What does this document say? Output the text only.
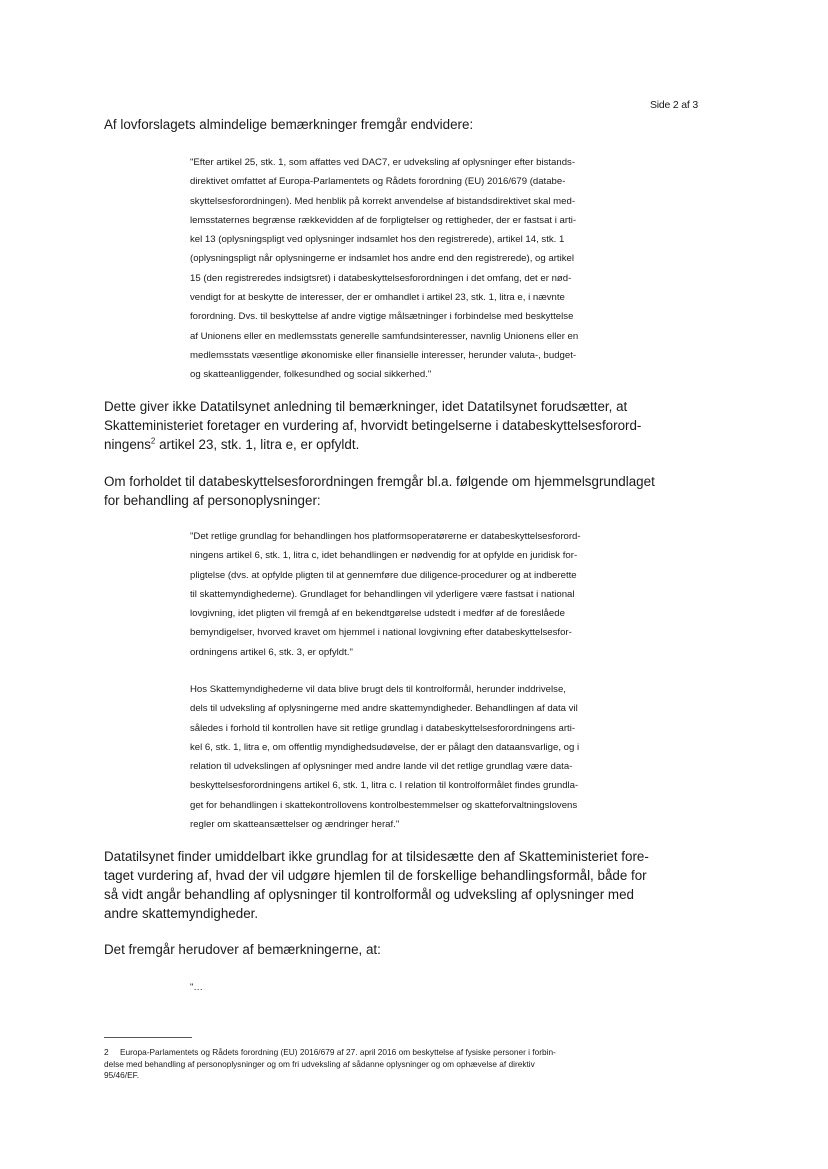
Side 2 af 3

Af lovforslagets almindelige bemærkninger fremgår endvidere:

"Efter artikel 25, stk. 1, som affattes ved DAC7, er udveksling af oplysninger efter bistands-
direktivet omfattet af Europa-Parlamentets og Rådets forordning (EU) 2016/679 (databe-
skyttelsesforordningen). Med henblik på korrekt anvendelse af bistandsdirektivet skal med-
lemsstaternes begrænse rækkevidden af de forpligtelser og rettigheder, der er fastsat i arti-
kel 13 (oplysningspligt ved oplysninger indsamlet hos den registrerede), artikel 14, stk. 1
(oplysningspligt når oplysningerne er indsamlet hos andre end den registrerede), og artikel
15 (den registreredes indsigtsret) i databeskyttelsesforordningen i det omfang, det er nød-
vendigt for at beskytte de interesser, der er omhandlet i artikel 23, stk. 1, litra e, i nævnte
forordning. Dvs. til beskyttelse af andre vigtige målsætninger i forbindelse med beskyttelse
af Unionens eller en medlemsstats generelle samfundsinteresser, navnlig Unionens eller en
medlemsstats væsentlige økonomiske eller finansielle interesser, herunder valuta-, budget-
og skatteanliggender, folkesundhed og social sikkerhed."
Dette giver ikke Datatilsynet anledning til bemærkninger, idet Datatilsynet forudsætter, at
Skatteministeriet foretager en vurdering af, hvorvidt betingelserne i databeskyttelsesforord-
ningens$^2$ artikel 23, stk. 1, litra e, er opfyldt.
Om forholdet til databeskyttelsesforordningen fremgår bl.a. følgende om hjemmelsgrundlaget
for behandling af personoplysninger:
"Det retlige grundlag for behandlingen hos platformsoperatørerne er databeskyttelsesforord-
ningens artikel 6, stk. 1, litra c, idet behandlingen er nødvendig for at opfylde en juridisk for-
pligtelse (dvs. at opfylde pligten til at gennemføre due diligence-procedurer og at indberette
til skattemyndighederne). Grundlaget for behandlingen vil yderligere være fastsat i national
lovgivning, idet pligten vil fremgå af en bekendtgørelse udstedt i medfør af de foreslåede
bemyndigelser, hvorved kravet om hjemmel i national lovgivning efter databeskyttelsesfor-
ordningens artikel 6, stk. 3, er opfyldt."
Hos Skattemyndighederne vil data blive brugt dels til kontrolformål, herunder inddrivelse,
dels til udveksling af oplysningerne med andre skattemyndigheder. Behandlingen af data vil
således i forhold til kontrollen have sit retlige grundlag i databeskyttelsesforordningens arti-
kel 6, stk. 1, litra e, om offentlig myndighedsudøvelse, der er pålagt den dataansvarlige, og i
relation til udvekslingen af oplysninger med andre lande vil det retlige grundlag være data-
beskyttelsesforordningens artikel 6, stk. 1, litra c. I relation til kontrolformålet findes grundla-
get for behandlingen i skattekontrollovens kontrolbestemmelser og skatteforvaltningslovens
regler om skatteansættelser og ændringer heraf."
Datatilsynet finder umiddelbart ikke grundlag for at tilsidesætte den af Skatteministeriet fore-
taget vurdering af, hvad der vil udgøre hjemlen til de forskellige behandlingsformål, både for
så vidt angår behandling af oplysninger til kontrolformål og udveksling af oplysninger med
andre skattemyndigheder.

Det fremgår herudover af bemærkningerne, at:

"…
2 Europa-Parlamentets og Rådets forordning (EU) 2016/679 af 27. april 2016 om beskyttelse af fysiske personer i forbin-
delse med behandling af personoplysninger og om fri udveksling af sådanne oplysninger og om ophævelse af direktiv
95/46/EF.
